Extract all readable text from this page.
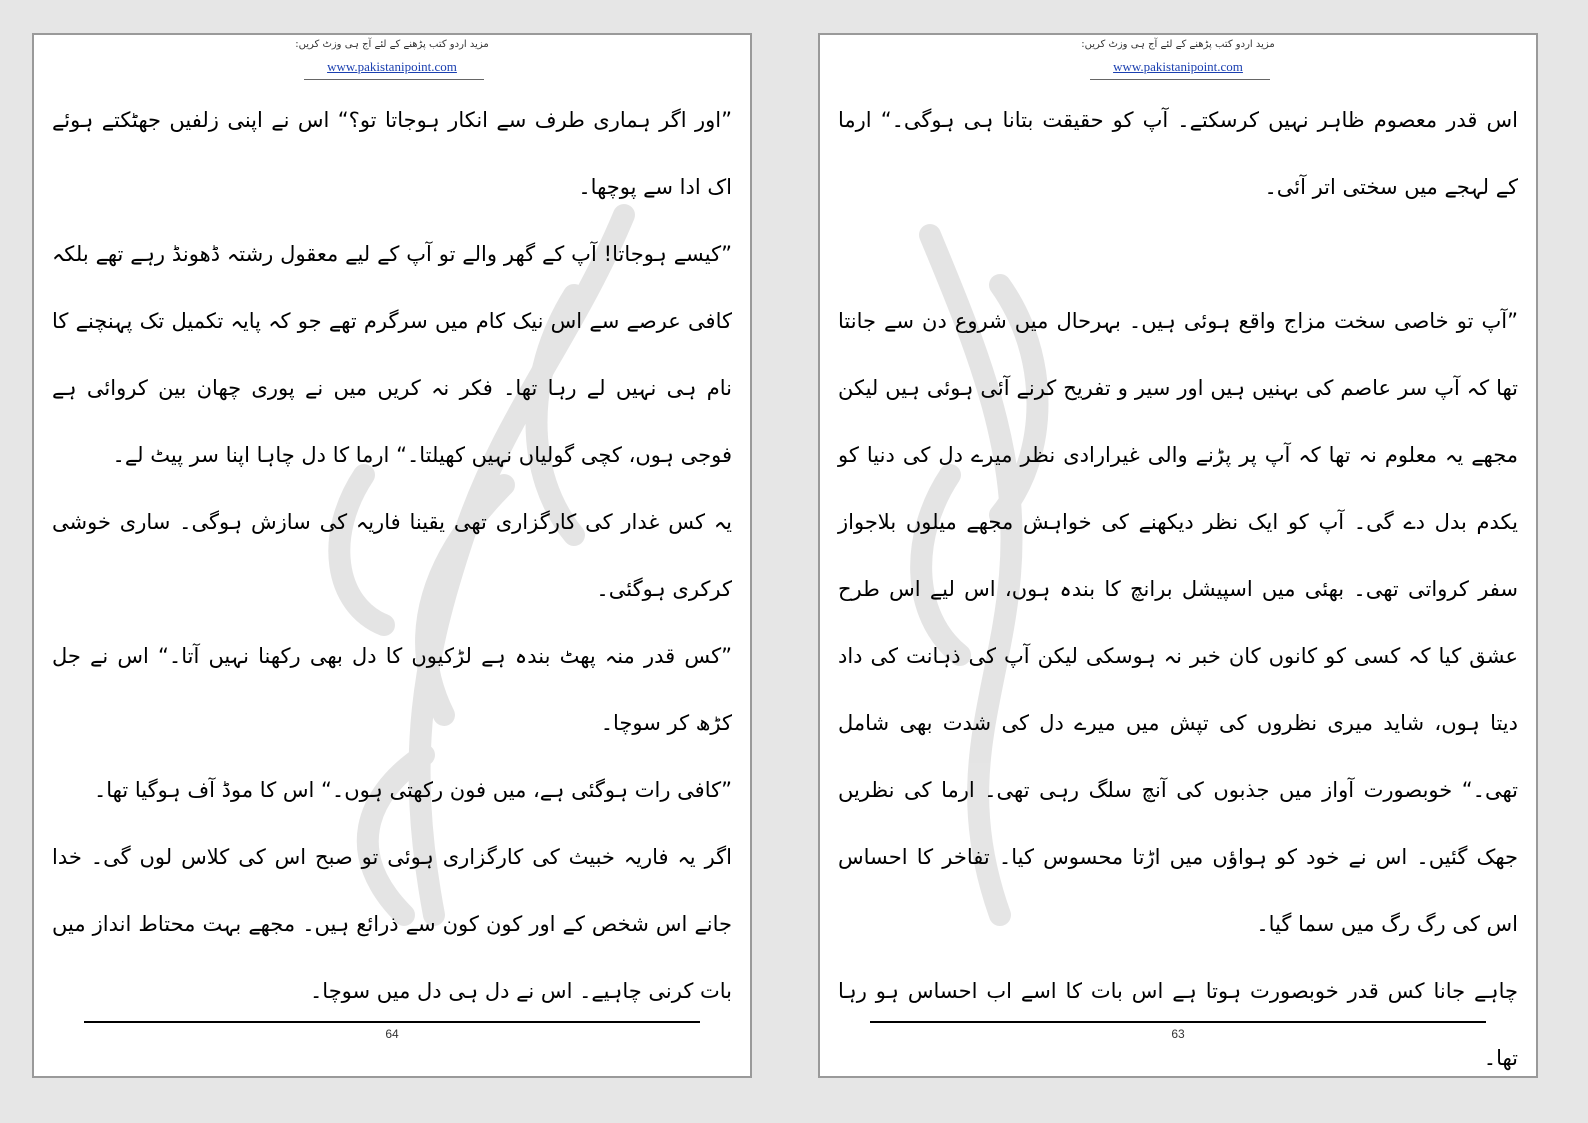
مزید اردو کتب پڑھنے کے لئے آج ہی وزٹ کریں:
www.pakistanipoint.com

”اور اگر ہماری طرف سے انکار ہوجاتا تو؟“ اس نے اپنی زلفیں جھٹکتے ہوئے اک ادا سے پوچھا۔

”کیسے ہوجاتا! آپ کے گھر والے تو آپ کے لیے معقول رشتہ ڈھونڈ رہے تھے بلکہ کافی عرصے سے اس نیک کام میں سرگرم تھے جو کہ پایہ تکمیل تک پہنچنے کا نام ہی نہیں لے رہا تھا۔ فکر نہ کریں میں نے پوری چھان بین کروائی ہے فوجی ہوں، کچی گولیاں نہیں کھیلتا۔“ ارما کا دل چاہا اپنا سر پیٹ لے۔

یہ کس غدار کی کارگزاری تھی یقینا فاریہ کی سازش ہوگی۔ ساری خوشی کرکری ہوگئی۔

”کس قدر منہ پھٹ بندہ ہے لڑکیوں کا دل بھی رکھنا نہیں آتا۔“ اس نے جل کڑھ کر سوچا۔

”کافی رات ہوگئی ہے، میں فون رکھتی ہوں۔“ اس کا موڈ آف ہوگیا تھا۔

اگر یہ فاریہ خبیث کی کارگزاری ہوئی تو صبح اس کی کلاس لوں گی۔ خدا جانے اس شخص کے اور کون کون سے ذرائع ہیں۔ مجھے بہت محتاط انداز میں بات کرنی چاہیے۔ اس نے دل ہی دل میں سوچا۔

64
مزید اردو کتب پڑھنے کے لئے آج ہی وزٹ کریں:
www.pakistanipoint.com

اس قدر معصوم ظاہر نہیں کرسکتے۔ آپ کو حقیقت بتانا ہی ہوگی۔“ ارما کے لہجے میں سختی اتر آئی۔

”آپ تو خاصی سخت مزاج واقع ہوئی ہیں۔ بہرحال میں شروع دن سے جانتا تھا کہ آپ سر عاصم کی بہنیں ہیں اور سیر و تفریح کرنے آئی ہوئی ہیں لیکن مجھے یہ معلوم نہ تھا کہ آپ پر پڑنے والی غیرارادی نظر میرے دل کی دنیا کو یکدم بدل دے گی۔ آپ کو ایک نظر دیکھنے کی خواہش مجھے میلوں بلاجواز سفر کرواتی تھی۔ بھئی میں اسپیشل برانچ کا بندہ ہوں، اس لیے اس طرح عشق کیا کہ کسی کو کانوں کان خبر نہ ہوسکی لیکن آپ کی ذہانت کی داد دیتا ہوں، شاید میری نظروں کی تپش میں میرے دل کی شدت بھی شامل تھی۔“ خوبصورت آواز میں جذبوں کی آنچ سلگ رہی تھی۔ ارما کی نظریں جھک گئیں۔ اس نے خود کو ہواؤں میں اڑتا محسوس کیا۔ تفاخر کا احساس اس کی رگ رگ میں سما گیا۔

چاہے جانا کس قدر خوبصورت ہوتا ہے اس بات کا اسے اب احساس ہو رہا تھا۔

63
